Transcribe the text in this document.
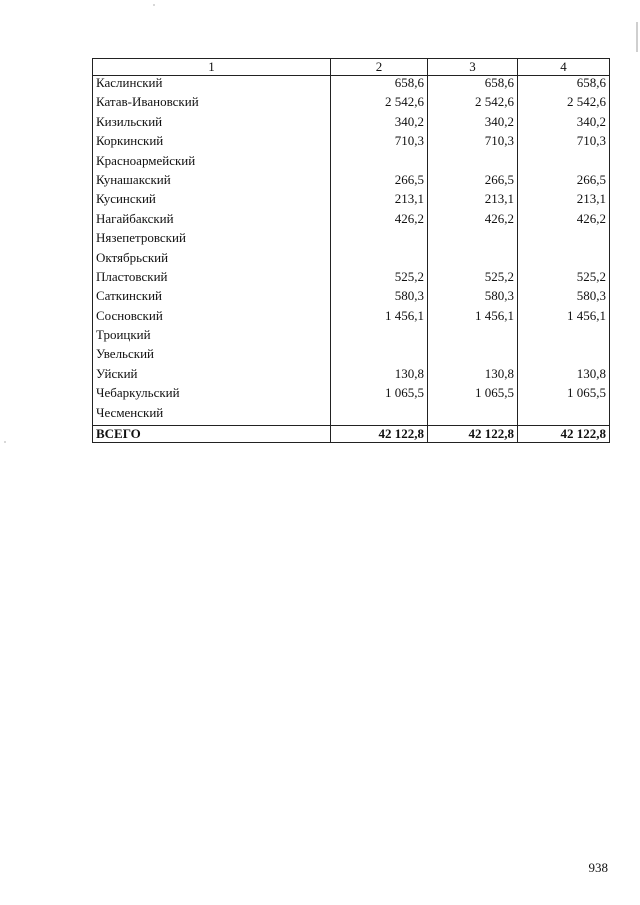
1	2	3	4
Каслинский	658,6	658,6	658,6
Катав-Ивановский	2 542,6	2 542,6	2 542,6
Кизильский	340,2	340,2	340,2
Коркинский	710,3	710,3	710,3
Красноармейский			
Кунашакский	266,5	266,5	266,5
Кусинский	213,1	213,1	213,1
Нагайбакский	426,2	426,2	426,2
Нязепетровский			
Октябрьский			
Пластовский	525,2	525,2	525,2
Саткинский	580,3	580,3	580,3
Сосновский	1 456,1	1 456,1	1 456,1
Троицкий			
Увельский			
Уйский	130,8	130,8	130,8
Чебаркульский	1 065,5	1 065,5	1 065,5
Чесменский			
ВСЕГО	42 122,8	42 122,8	42 122,8
938
